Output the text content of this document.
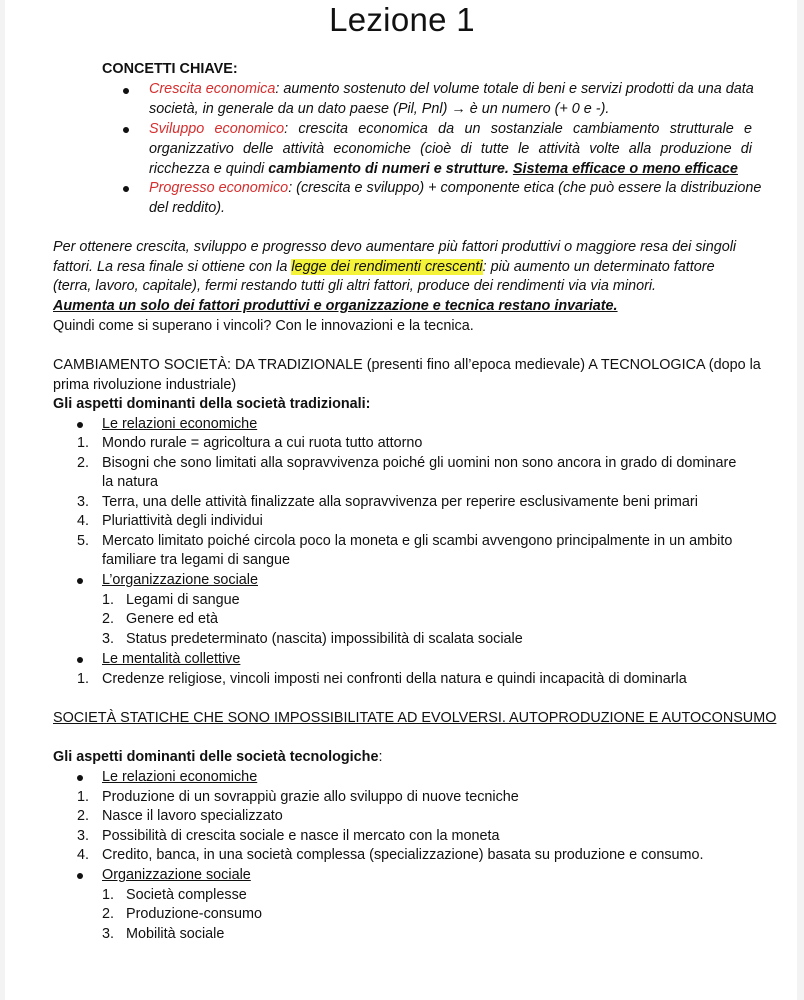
Lezione 1
CONCETTI CHIAVE:
Crescita economica: aumento sostenuto del volume totale di beni e servizi prodotti da una data
società, in generale da un dato paese (Pil, Pnl) → è un numero (+ 0 e -).
Sviluppo economico: crescita economica da un sostanziale cambiamento strutturale e
organizzativo delle attività economiche (cioè di tutte le attività volte alla produzione di
ricchezza e quindi cambiamento di numeri e strutture. Sistema efficace o meno efficace
Progresso economico: (crescita e sviluppo) + componente etica (che può essere la distribuzione
del reddito).
Per ottenere crescita, sviluppo e progresso devo aumentare più fattori produttivi o maggiore resa dei singoli
fattori. La resa finale si ottiene con la legge dei rendimenti crescenti: più aumento un determinato fattore
(terra, lavoro, capitale), fermi restando tutti gli altri fattori, produce dei rendimenti via via minori.
Aumenta un solo dei fattori produttivi e organizzazione e tecnica restano invariate.
Quindi come si superano i vincoli? Con le innovazioni e la tecnica.
CAMBIAMENTO SOCIETÀ: DA TRADIZIONALE (presenti fino all’epoca medievale) A TECNOLOGICA (dopo la
prima rivoluzione industriale)
Gli aspetti dominanti della società tradizionali:
Le relazioni economiche
1. Mondo rurale = agricoltura a cui ruota tutto attorno
2. Bisogni che sono limitati alla sopravvivenza poiché gli uomini non sono ancora in grado di dominare
la natura
3. Terra, una delle attività finalizzate alla sopravvivenza per reperire esclusivamente beni primari
4. Pluriattività degli individui
5. Mercato limitato poiché circola poco la moneta e gli scambi avvengono principalmente in un ambito
familiare tra legami di sangue
L’organizzazione sociale
1. Legami di sangue
2. Genere ed età
3. Status predeterminato (nascita) impossibilità di scalata sociale
Le mentalità collettive
1. Credenze religiose, vincoli imposti nei confronti della natura e quindi incapacità di dominarla
SOCIETÀ STATICHE CHE SONO IMPOSSIBILITATE AD EVOLVERSI. AUTOPRODUZIONE E AUTOCONSUMO
Gli aspetti dominanti delle società tecnologiche:
Le relazioni economiche
1. Produzione di un sovrappiù grazie allo sviluppo di nuove tecniche
2. Nasce il lavoro specializzato
3. Possibilità di crescita sociale e nasce il mercato con la moneta
4. Credito, banca, in una società complessa (specializzazione) basata su produzione e consumo.
Organizzazione sociale
1. Società complesse
2. Produzione-consumo
3. Mobilità sociale
